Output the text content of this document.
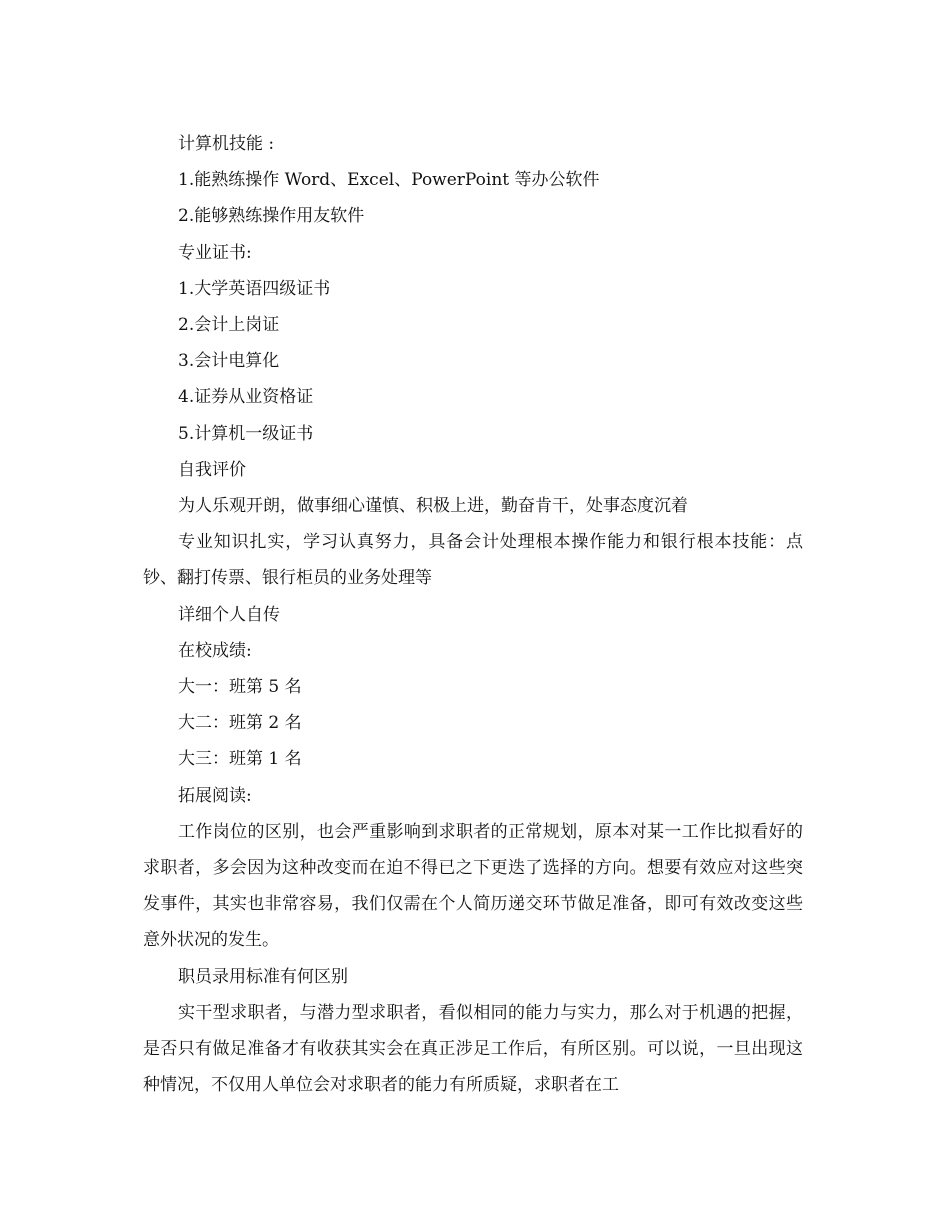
计算机技能 :

1.能熟练操作 Word、Excel、PowerPoint 等办公软件

2.能够熟练操作用友软件

专业证书:

1.大学英语四级证书

2.会计上岗证

3.会计电算化

4.证券从业资格证

5.计算机一级证书

自我评价

为人乐观开朗，做事细心谨慎、积极上进，勤奋肯干，处事态度沉着

专业知识扎实，学习认真努力，具备会计处理根本操作能力和银行根本技能：点钞、翻打传票、银行柜员的业务处理等

详细个人自传

在校成绩:

大一：班第 5 名

大二：班第 2 名

大三：班第 1 名

拓展阅读:

工作岗位的区别，也会严重影响到求职者的正常规划，原本对某一工作比拟看好的求职者，多会因为这种改变而在迫不得已之下更迭了选择的方向。想要有效应对这些突发事件，其实也非常容易，我们仅需在个人简历递交环节做足准备，即可有效改变这些意外状况的发生。

职员录用标准有何区别

实干型求职者，与潜力型求职者，看似相同的能力与实力，那么对于机遇的把握，是否只有做足准备才有收获其实会在真正涉足工作后，有所区别。可以说，一旦出现这种情况，不仅用人单位会对求职者的能力有所质疑，求职者在工
